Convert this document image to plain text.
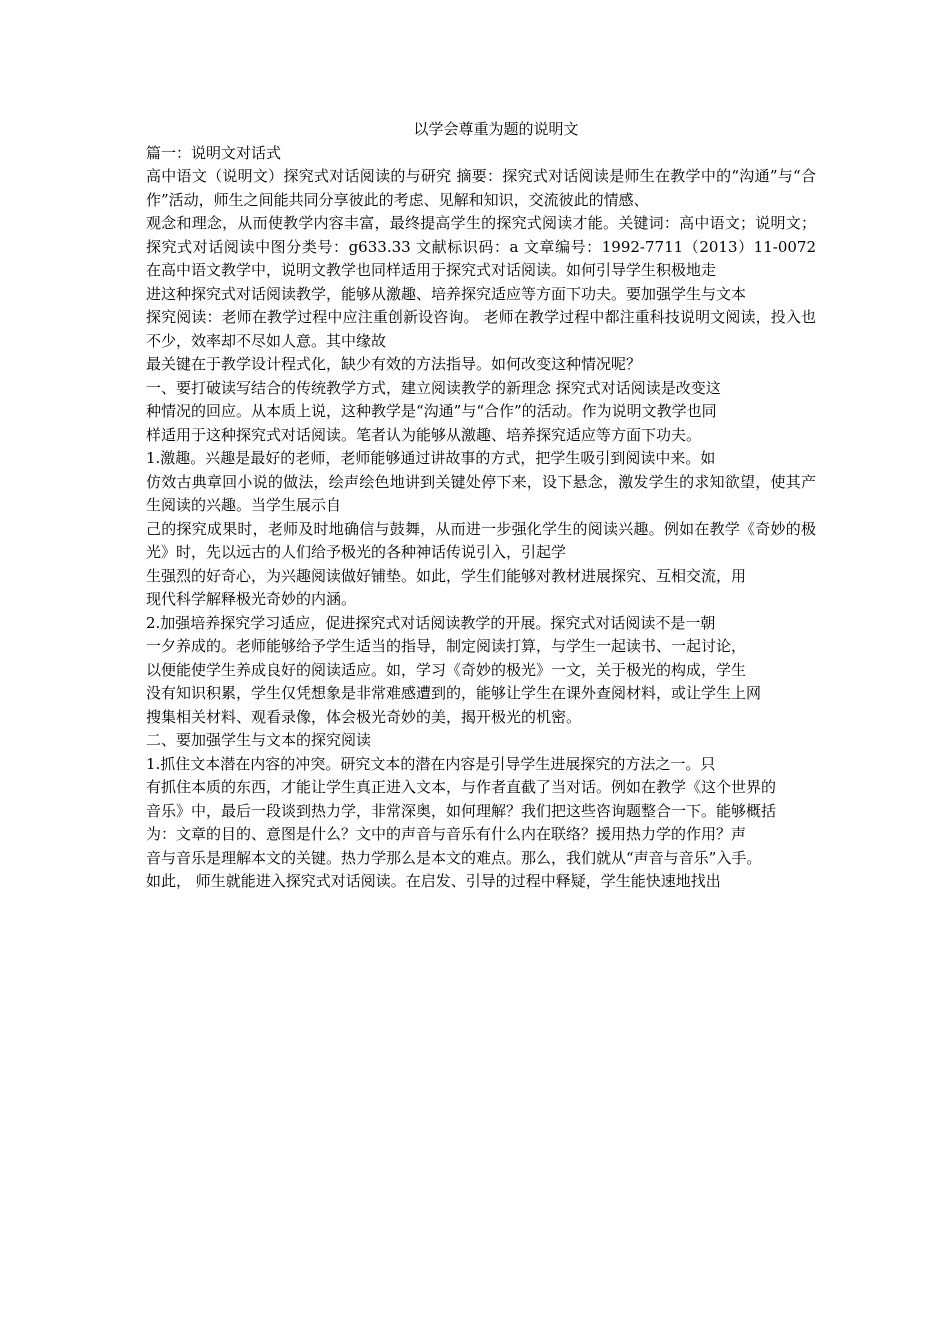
以学会尊重为题的说明文

篇一：说明文对话式

高中语文（说明文）探究式对话阅读的与研究 摘要：探究式对话阅读是师生在教学中的“沟通”与“合作”活动，师生之间能共同分享彼此的考虑、见解和知识，交流彼此的情感、

观念和理念，从而使教学内容丰富，最终提高学生的探究式阅读才能。关键词：高中语文；说明文；探究式对话阅读中图分类号：g633.33 文献标识码：a 文章编号：1992-7711（2013）11-0072 在高中语文教学中，说明文教学也同样适用于探究式对话阅读。如何引导学生积极地走

进这种探究式对话阅读教学，能够从激趣、培养探究适应等方面下功夫。要加强学生与文本

探究阅读：老师在教学过程中应注重创新设咨询。 老师在教学过程中都注重科技说明文阅读，投入也不少，效率却不尽如人意。其中缘故

最关键在于教学设计程式化，缺少有效的方法指导。如何改变这种情况呢？

一、要打破读写结合的传统教学方式，建立阅读教学的新理念 探究式对话阅读是改变这

种情况的回应。从本质上说，这种教学是“沟通”与“合作”的活动。作为说明文教学也同

样适用于这种探究式对话阅读。笔者认为能够从激趣、培养探究适应等方面下功夫。

1.激趣。兴趣是最好的老师，老师能够通过讲故事的方式，把学生吸引到阅读中来。如

仿效古典章回小说的做法，绘声绘色地讲到关键处停下来，设下悬念，激发学生的求知欲望，使其产生阅读的兴趣。当学生展示自

己的探究成果时，老师及时地确信与鼓舞，从而进一步强化学生的阅读兴趣。例如在教学《奇妙的极光》时，先以远古的人们给予极光的各种神话传说引入，引起学

生强烈的好奇心，为兴趣阅读做好铺垫。如此，学生们能够对教材进展探究、互相交流，用

现代科学解释极光奇妙的内涵。

2.加强培养探究学习适应，促进探究式对话阅读教学的开展。探究式对话阅读不是一朝

一夕养成的。老师能够给予学生适当的指导，制定阅读打算，与学生一起读书、一起讨论，

以便能使学生养成良好的阅读适应。如，学习《奇妙的极光》一文，关于极光的构成，学生

没有知识积累，学生仅凭想象是非常难感遭到的，能够让学生在课外查阅材料，或让学生上网

搜集相关材料、观看录像，体会极光奇妙的美，揭开极光的机密。

二、要加强学生与文本的探究阅读

1.抓住文本潜在内容的冲突。研究文本的潜在内容是引导学生进展探究的方法之一。只

有抓住本质的东西，才能让学生真正进入文本，与作者直截了当对话。例如在教学《这个世界的

音乐》中，最后一段谈到热力学，非常深奥，如何理解？我们把这些咨询题整合一下。能够概括

为：文章的目的、意图是什么？文中的声音与音乐有什么内在联络？援用热力学的作用？声

音与音乐是理解本文的关键。热力学那么是本文的难点。那么，我们就从“声音与音乐”入手。

如此， 师生就能进入探究式对话阅读。在启发、引导的过程中释疑，学生能快速地找出
